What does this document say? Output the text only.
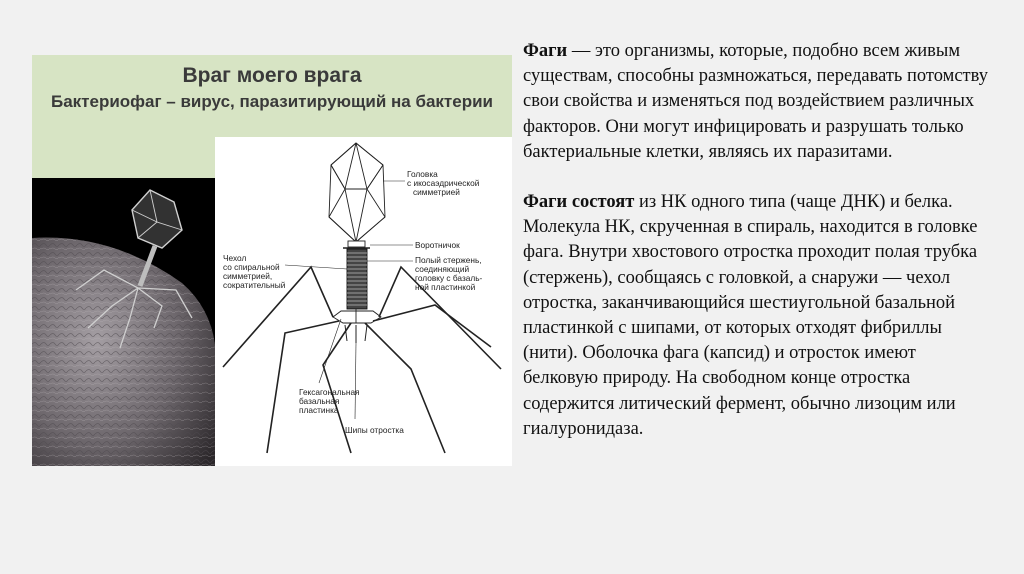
Враг моего врага
Бактериофаг – вирус, паразитирующий на бактерии
Головка с икосаэдрической симметрией
Воротничок
Полый стержень, соединяющий головку с базаль- ной пластинкой
Чехол со спиральной симметрией, сократительный
Гексагональная базальная пластинка
Шипы отростка

Фаги — это организмы, которые, подобно всем живым существам, способны размножаться, передавать потомству свои свойства и изменяться под воздействием различных факторов. Они могут инфицировать и разрушать только бактериальные клетки, являясь их паразитами.

Фаги состоят из НК одного типа (чаще ДНК) и белка. Молекула НК, скрученная в спираль, находится в головке фага. Внутри хвостового отростка проходит полая трубка (стержень), сообщаясь с головкой, а снаружи — чехол отростка, заканчивающийся шестиугольной базальной пластинкой с шипами, от которых отходят фибриллы (нити). Оболочка фага (капсид) и отросток имеют белковую природу. На свободном конце отростка содержится литический фермент, обычно лизоцим или гиалуронидаза.
